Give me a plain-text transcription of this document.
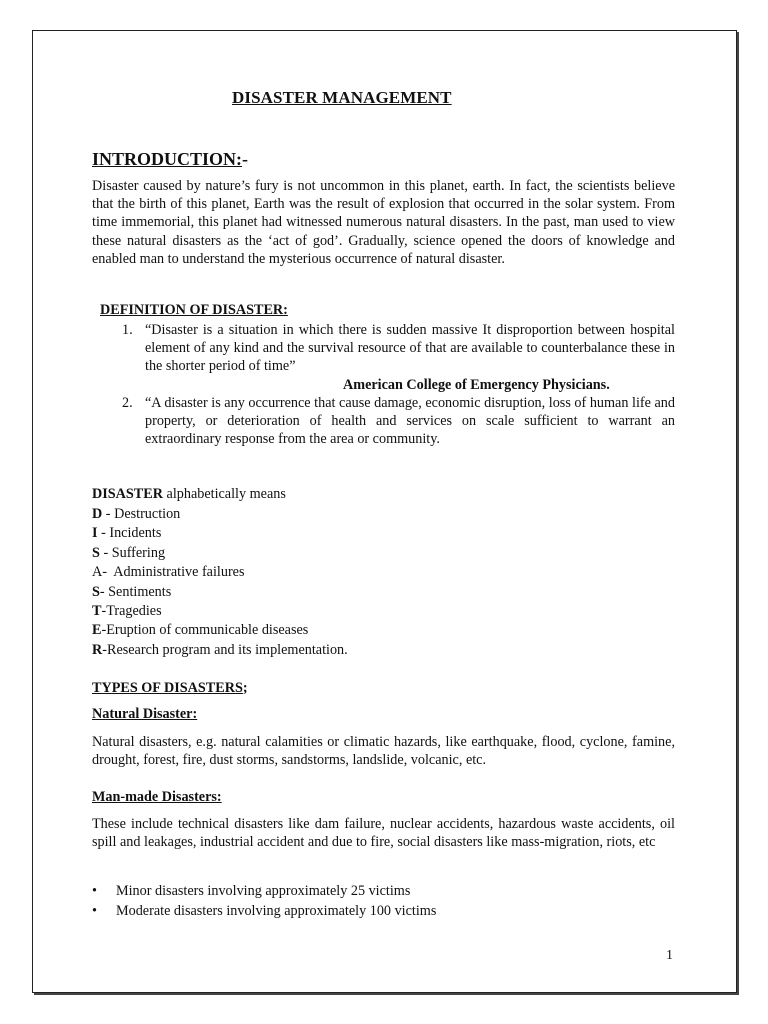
DISASTER MANAGEMENT
INTRODUCTION:-

Disaster caused by nature’s fury is not uncommon in this planet, earth. In fact, the scientists believe that the birth of this planet, Earth was the result of explosion that occurred in the solar system. From time immemorial, this planet had witnessed numerous natural disasters. In the past, man used to view these natural disasters as the ‘act of god’. Gradually, science opened the doors of knowledge and enabled man to understand the mysterious occurrence of natural disaster.

DEFINITION OF DISASTER:
1. “Disaster is a situation in which there is sudden massive It disproportion between hospital element of any kind and the survival resource of that are available to counterbalance these in the shorter period of time”
American College of Emergency Physicians.
2. “A disaster is any occurrence that cause damage, economic disruption, loss of human life and property, or deterioration of health and services on scale sufficient to warrant an extraordinary response from the area or community.

DISASTER alphabetically means

D - Destruction
I - Incidents
S - Suffering
A-  Administrative failures
S- Sentiments
T-Tragedies
E-Eruption of communicable diseases
R-Research program and its implementation.
TYPES OF DISASTERS;
Natural Disaster:

Natural disasters, e.g. natural calamities or climatic hazards, like earthquake, flood, cyclone, famine, drought, forest, fire, dust storms, sandstorms, landslide, volcanic, etc.

Man-made Disasters:

These include technical disasters like dam failure, nuclear accidents, hazardous waste accidents, oil spill and leakages, industrial accident and due to fire, social disasters like mass-migration, riots, etc

• Minor disasters involving approximately 25 victims
• Moderate disasters involving approximately 100 victims
1
